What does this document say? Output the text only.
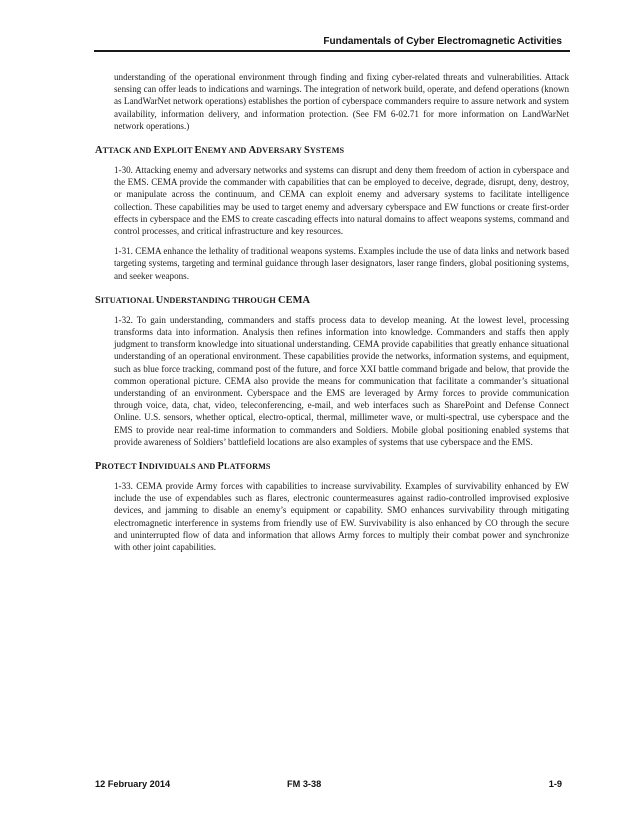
Fundamentals of Cyber Electromagnetic Activities

understanding of the operational environment through finding and fixing cyber-related threats and vulnerabilities. Attack sensing can offer leads to indications and warnings. The integration of network build, operate, and defend operations (known as LandWarNet network operations) establishes the portion of cyberspace commanders require to assure network and system availability, information delivery, and information protection. (See FM 6-02.71 for more information on LandWarNet network operations.)

ATTACK AND EXPLOIT ENEMY AND ADVERSARY SYSTEMS

1-30. Attacking enemy and adversary networks and systems can disrupt and deny them freedom of action in cyberspace and the EMS. CEMA provide the commander with capabilities that can be employed to deceive, degrade, disrupt, deny, destroy, or manipulate across the continuum, and CEMA can exploit enemy and adversary systems to facilitate intelligence collection. These capabilities may be used to target enemy and adversary cyberspace and EW functions or create first-order effects in cyberspace and the EMS to create cascading effects into natural domains to affect weapons systems, command and control processes, and critical infrastructure and key resources.

1-31. CEMA enhance the lethality of traditional weapons systems. Examples include the use of data links and network based targeting systems, targeting and terminal guidance through laser designators, laser range finders, global positioning systems, and seeker weapons.

SITUATIONAL UNDERSTANDING THROUGH CEMA

1-32. To gain understanding, commanders and staffs process data to develop meaning. At the lowest level, processing transforms data into information. Analysis then refines information into knowledge. Commanders and staffs then apply judgment to transform knowledge into situational understanding. CEMA provide capabilities that greatly enhance situational understanding of an operational environment. These capabilities provide the networks, information systems, and equipment, such as blue force tracking, command post of the future, and force XXI battle command brigade and below, that provide the common operational picture. CEMA also provide the means for communication that facilitate a commander’s situational understanding of an environment. Cyberspace and the EMS are leveraged by Army forces to provide communication through voice, data, chat, video, teleconferencing, e-mail, and web interfaces such as SharePoint and Defense Connect Online. U.S. sensors, whether optical, electro-optical, thermal, millimeter wave, or multi-spectral, use cyberspace and the EMS to provide near real-time information to commanders and Soldiers. Mobile global positioning enabled systems that provide awareness of Soldiers’ battlefield locations are also examples of systems that use cyberspace and the EMS.

PROTECT INDIVIDUALS AND PLATFORMS

1-33. CEMA provide Army forces with capabilities to increase survivability. Examples of survivability enhanced by EW include the use of expendables such as flares, electronic countermeasures against radio-controlled improvised explosive devices, and jamming to disable an enemy’s equipment or capability. SMO enhances survivability through mitigating electromagnetic interference in systems from friendly use of EW. Survivability is also enhanced by CO through the secure and uninterrupted flow of data and information that allows Army forces to multiply their combat power and synchronize with other joint capabilities.

12 February 2014	FM 3-38	1-9
